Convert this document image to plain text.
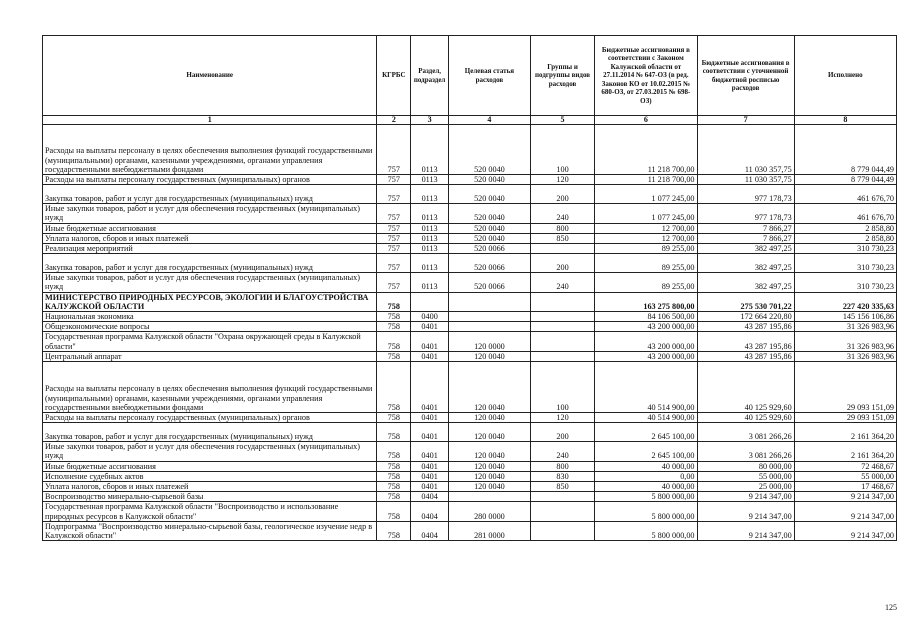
Наименование	КГРБС	Раздел, подраздел	Целевая статья расходов	Группы и подгруппы видов расходов	Бюджетные ассигнования в соответствии с Законом Калужской области от 27.11.2014 № 647-ОЗ (в ред. Законов КО от 10.02.2015 № 680-ОЗ, от 27.03.2015 № 698-ОЗ)	Бюджетные ассигнования в соответствии с уточненной бюджетной росписью расходов	Исполнено
1	2	3	4	5	6	7	8
Расходы на выплаты персоналу в целях обеспечения выполнения функций государственными (муниципальными) органами, казенными учреждениями, органами управления государственными внебюджетными фондами	757	0113	520 0040	100	11 218 700,00	11 030 357,75	8 779 044,49
Расходы на выплаты персоналу государственных (муниципальных) органов	757	0113	520 0040	120	11 218 700,00	11 030 357,75	8 779 044,49
Закупка товаров, работ и услуг для государственных (муниципальных) нужд	757	0113	520 0040	200	1 077 245,00	977 178,73	461 676,70
Иные закупки товаров, работ и услуг для обеспечения государственных (муниципальных) нужд	757	0113	520 0040	240	1 077 245,00	977 178,73	461 676,70
Иные бюджетные ассигнования	757	0113	520 0040	800	12 700,00	7 866,27	2 858,80
Уплата налогов, сборов и иных платежей	757	0113	520 0040	850	12 700,00	7 866,27	2 858,80
Реализация мероприятий	757	0113	520 0066		89 255,00	382 497,25	310 730,23
Закупка товаров, работ и услуг для государственных (муниципальных) нужд	757	0113	520 0066	200	89 255,00	382 497,25	310 730,23
Иные закупки товаров, работ и услуг для обеспечения государственных (муниципальных) нужд	757	0113	520 0066	240	89 255,00	382 497,25	310 730,23
МИНИСТЕРСТВО ПРИРОДНЫХ РЕСУРСОВ, ЭКОЛОГИИ И БЛАГОУСТРОЙСТВА КАЛУЖСКОЙ ОБЛАСТИ	758				163 275 800,00	275 530 701,22	227 420 335,63
Национальная экономика	758	0400			84 106 500,00	172 664 220,80	145 156 106,86
Общеэкономические вопросы	758	0401			43 200 000,00	43 287 195,86	31 326 983,96
Государственная программа Калужской области "Охрана окружающей среды в Калужской области"	758	0401	120 0000		43 200 000,00	43 287 195,86	31 326 983,96
Центральный аппарат	758	0401	120 0040		43 200 000,00	43 287 195,86	31 326 983,96
Расходы на выплаты персоналу в целях обеспечения выполнения функций государственными (муниципальными) органами, казенными учреждениями, органами управления государственными внебюджетными фондами	758	0401	120 0040	100	40 514 900,00	40 125 929,60	29 093 151,09
Расходы на выплаты персоналу государственных (муниципальных) органов	758	0401	120 0040	120	40 514 900,00	40 125 929,60	29 093 151,09
Закупка товаров, работ и услуг для государственных (муниципальных) нужд	758	0401	120 0040	200	2 645 100,00	3 081 266,26	2 161 364,20
Иные закупки товаров, работ и услуг для обеспечения государственных (муниципальных) нужд	758	0401	120 0040	240	2 645 100,00	3 081 266,26	2 161 364,20
Иные бюджетные ассигнования	758	0401	120 0040	800	40 000,00	80 000,00	72 468,67
Исполнение судебных актов	758	0401	120 0040	830	0,00	55 000,00	55 000,00
Уплата налогов, сборов и иных платежей	758	0401	120 0040	850	40 000,00	25 000,00	17 468,67
Воспроизводство минерально-сырьевой базы	758	0404			5 800 000,00	9 214 347,00	9 214 347,00
Государственная программа Калужской области "Воспроизводство и использование природных ресурсов в Калужской области"	758	0404	280 0000		5 800 000,00	9 214 347,00	9 214 347,00
Подпрограмма "Воспроизводство минерально-сырьевой базы, геологическое изучение недр в Калужской области"	758	0404	281 0000		5 800 000,00	9 214 347,00	9 214 347,00
125
